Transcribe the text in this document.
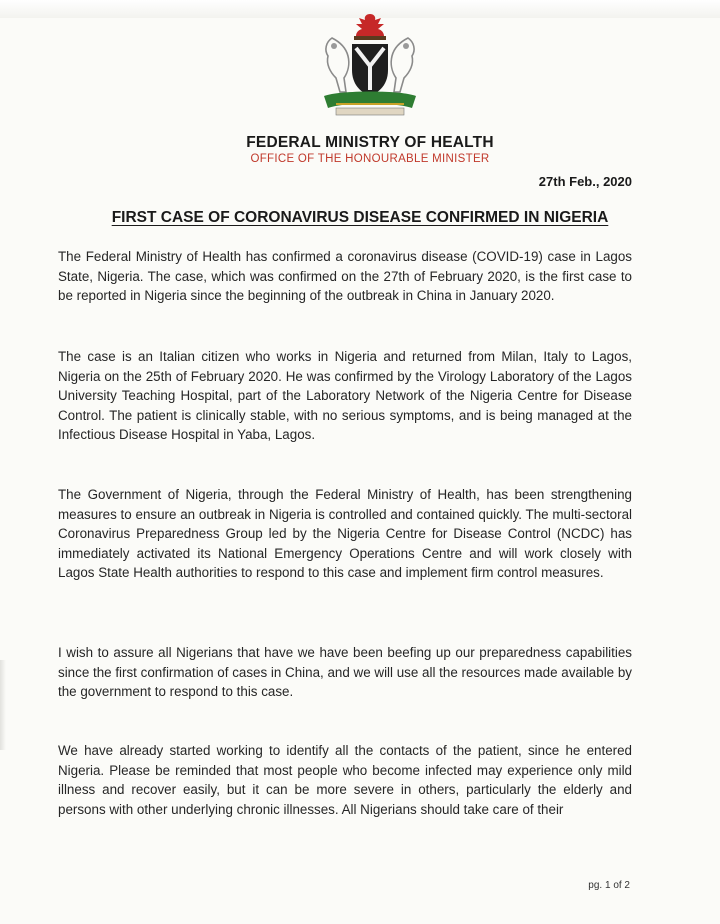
FEDERAL MINISTRY OF HEALTH
OFFICE OF THE HONOURABLE MINISTER
27th Feb., 2020
FIRST CASE OF CORONAVIRUS DISEASE CONFIRMED IN NIGERIA

The Federal Ministry of Health has confirmed a coronavirus disease (COVID-19) case in Lagos State, Nigeria. The case, which was confirmed on the 27th of February 2020, is the first case to be reported in Nigeria since the beginning of the outbreak in China in January 2020.

The case is an Italian citizen who works in Nigeria and returned from Milan, Italy to Lagos, Nigeria on the 25th of February 2020. He was confirmed by the Virology Laboratory of the Lagos University Teaching Hospital, part of the Laboratory Network of the Nigeria Centre for Disease Control. The patient is clinically stable, with no serious symptoms, and is being managed at the Infectious Disease Hospital in Yaba, Lagos.

The Government of Nigeria, through the Federal Ministry of Health, has been strengthening measures to ensure an outbreak in Nigeria is controlled and contained quickly. The multi-sectoral Coronavirus Preparedness Group led by the Nigeria Centre for Disease Control (NCDC) has immediately activated its National Emergency Operations Centre and will work closely with Lagos State Health authorities to respond to this case and implement firm control measures.

I wish to assure all Nigerians that have we have been beefing up our preparedness capabilities since the first confirmation of cases in China, and we will use all the resources made available by the government to respond to this case.

We have already started working to identify all the contacts of the patient, since he entered Nigeria. Please be reminded that most people who become infected may experience only mild illness and recover easily, but it can be more severe in others, particularly the elderly and persons with other underlying chronic illnesses. All Nigerians should take care of their

pg. 1 of 2
